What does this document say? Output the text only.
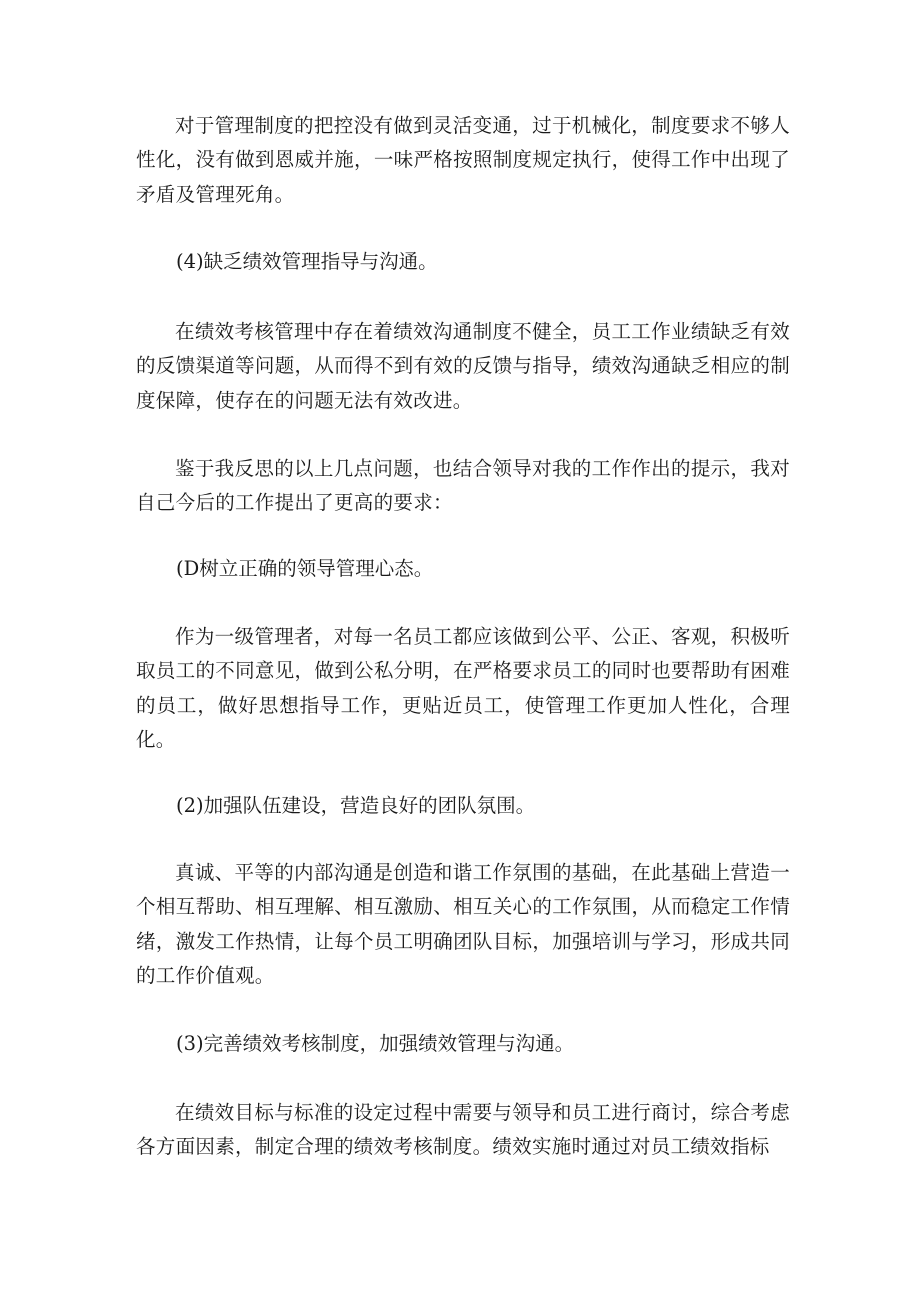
对于管理制度的把控没有做到灵活变通，过于机械化，制度要求不够人性化，没有做到恩威并施，一味严格按照制度规定执行，使得工作中出现了矛盾及管理死角。

(4)缺乏绩效管理指导与沟通。

在绩效考核管理中存在着绩效沟通制度不健全，员工工作业绩缺乏有效的反馈渠道等问题，从而得不到有效的反馈与指导，绩效沟通缺乏相应的制度保障，使存在的问题无法有效改进。

鉴于我反思的以上几点问题，也结合领导对我的工作作出的提示，我对自己今后的工作提出了更高的要求：

(D树立正确的领导管理心态。

作为一级管理者，对每一名员工都应该做到公平、公正、客观，积极听取员工的不同意见，做到公私分明，在严格要求员工的同时也要帮助有困难的员工，做好思想指导工作，更贴近员工，使管理工作更加人性化，合理化。

(2)加强队伍建设，营造良好的团队氛围。

真诚、平等的内部沟通是创造和谐工作氛围的基础，在此基础上营造一个相互帮助、相互理解、相互激励、相互关心的工作氛围，从而稳定工作情绪，激发工作热情，让每个员工明确团队目标，加强培训与学习，形成共同的工作价值观。

(3)完善绩效考核制度，加强绩效管理与沟通。

在绩效目标与标准的设定过程中需要与领导和员工进行商讨，综合考虑各方面因素，制定合理的绩效考核制度。绩效实施时通过对员工绩效指标
